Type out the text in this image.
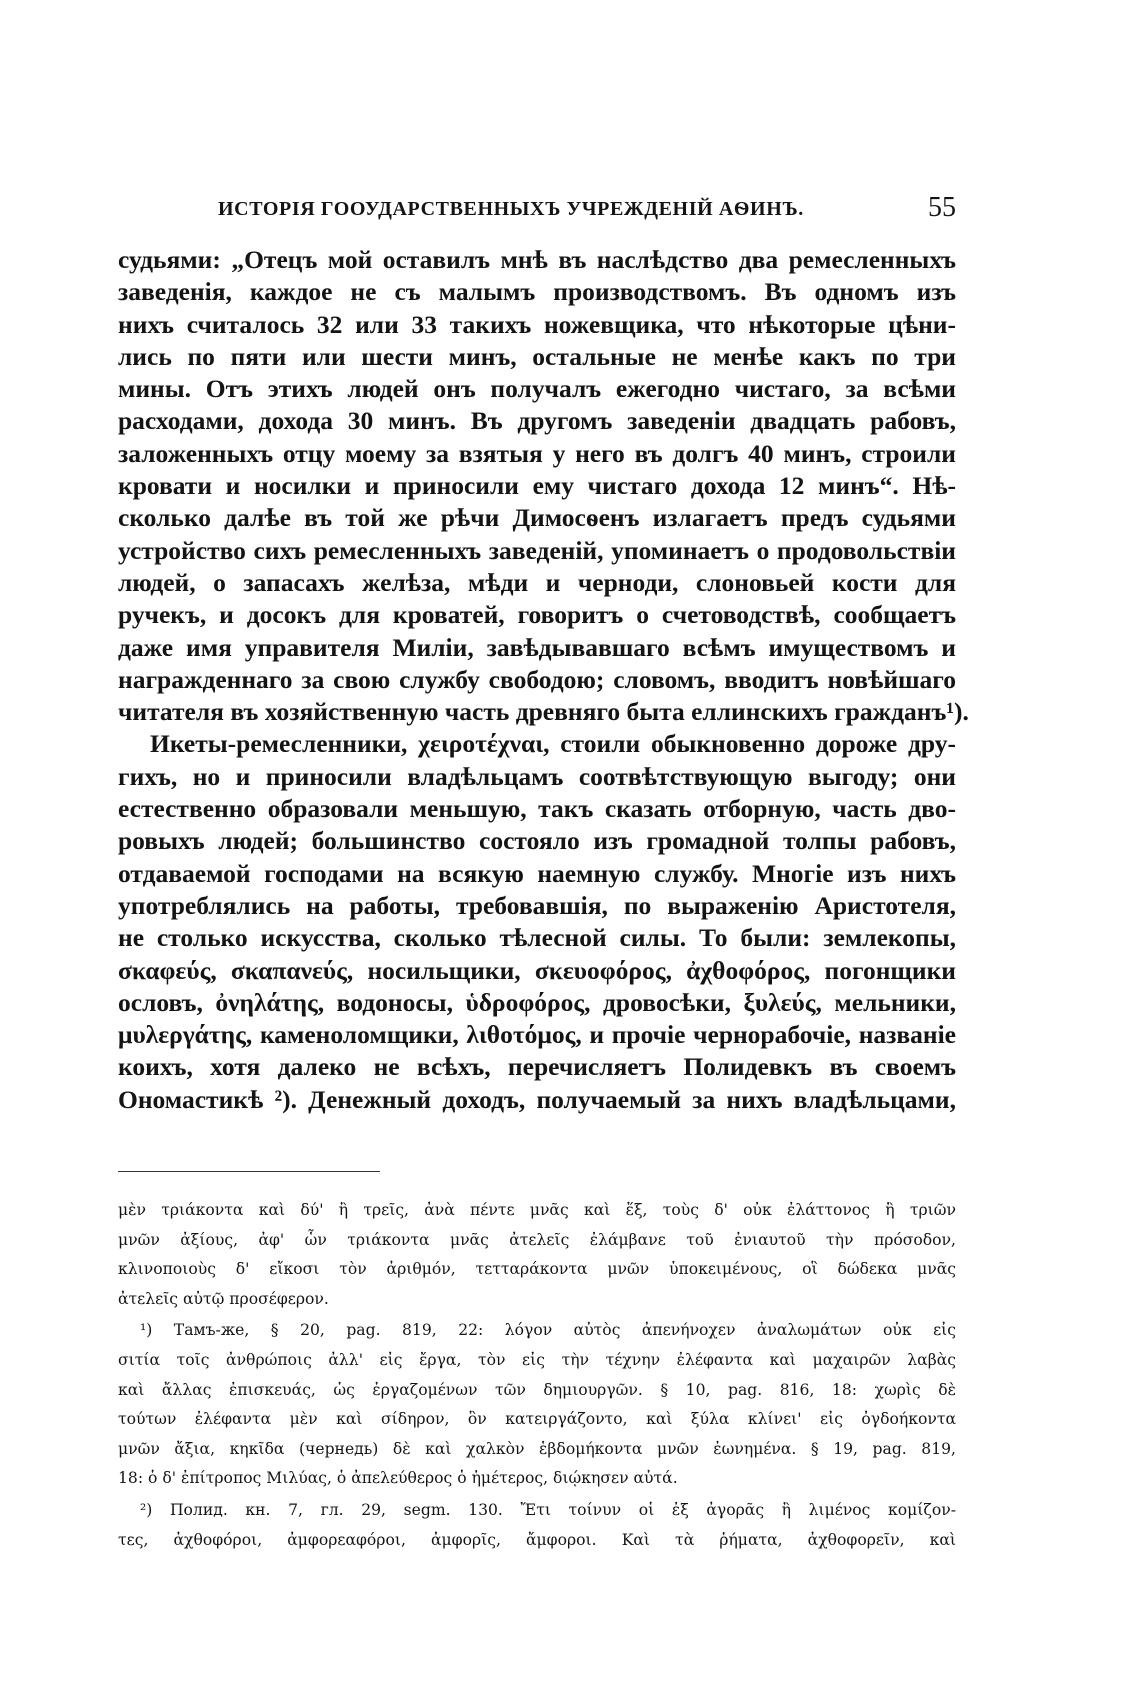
ИСТОРІЯ ГООУДАРСТВЕННЫХЪ УЧРЕЖДЕНІЙ АѲИНЪ.	55
судьями: „Отецъ мой оставилъ мнѣ въ наслѣдство два ремесленныхъ
заведенія, каждое не съ малымъ производствомъ. Въ одномъ изъ
нихъ считалось 32 или 33 такихъ ножевщика, что нѣкоторые цѣни-
лись по пяти или шести минъ, остальные не менѣе какъ по три
мины. Отъ этихъ людей онъ получалъ ежегодно чистаго, за всѣми
расходами, дохода 30 минъ. Въ другомъ заведеніи двадцать рабовъ,
заложенныхъ отцу моему за взятыя у него въ долгъ 40 минъ, строили
кровати и носилки и приносили ему чистаго дохода 12 минъ“. Нѣ-
сколько далѣе въ той же рѣчи Димосѳенъ излагаетъ предъ судьями
устройство сихъ ремесленныхъ заведеній, упоминаетъ о продовольствіи
людей, о запасахъ желѣза, мѣди и черноди, слоновьей кости для
ручекъ, и досокъ для кроватей, говоритъ о счетоводствѣ, сообщаетъ
даже имя управителя Миліи, завѣдывавшаго всѣмъ имуществомъ и
награжденнаго за свою службу свободою; словомъ, вводитъ новѣйшаго
читателя въ хозяйственную часть древняго быта еллинскихъ гражданъ¹).
Икеты-ремесленники, χειροτέχναι, стоили обыкновенно дороже дру-
гихъ, но и приносили владѣльцамъ соотвѣтствующую выгоду; они
естественно образовали меньшую, такъ сказать отборную, часть дво-
ровыхъ людей; большинство состояло изъ громадной толпы рабовъ,
отдаваемой господами на всякую наемную службу. Многіе изъ нихъ
употреблялись на работы, требовавшія, по выраженію Аристотеля,
не столько искусства, сколько тѣлесной силы. То были: землекопы,
σκαφεύς, σκαπανεύς, носильщики, σκευοφόρος, ἀχθοφόρος, погонщики
ословъ, ὀνηλάτης, водоносы, ὑδροφόρος, дровосѣки, ξυλεύς, мельники,
μυλεργάτης, каменоломщики, λιθοτόμος, и прочіе чернорабочіе, названіе
коихъ, хотя далеко не всѣхъ, перечисляетъ Полидевкъ въ своемъ
Ономастикѣ ²). Денежный доходъ, получаемый за нихъ владѣльцами,
μὲν τριάκοντα καὶ δύ' ἢ τρεῖς, ἀνὰ πέντε μνᾶς καὶ ἕξ, τοὺς δ' οὐκ ἐλάττονος ἢ τριῶν
μνῶν ἀξίους, ἀφ' ὧν τριάκοντα μνᾶς ἀτελεῖς ἐλάμβανε τοῦ ἐνιαυτοῦ τὴν πρόσοδον,
κλινοποιοὺς δ' εἴκοσι τὸν ἀριθμόν, τετταράκοντα μνῶν ὑποκειμένους, οἳ δώδεκα μνᾶς
ἀτελεῖς αὐτῷ προσέφερον.
¹) Тамъ-же, § 20, pag. 819, 22: λόγον αὐτὸς ἀπενήνοχεν ἀναλωμάτων οὐκ εἰς
σιτία τοῖς ἀνθρώποις ἀλλ' εἰς ἔργα, τὸν εἰς τὴν τέχνην ἐλέφαντα καὶ μαχαιρῶν λαβὰς
καὶ ἄλλας ἐπισκευάς, ὡς ἐργαζομένων τῶν δημιουργῶν. § 10, pag. 816, 18: χωρὶς δὲ
τούτων ἐλέφαντα μὲν καὶ σίδηρον, ὃν κατειργάζοντο, καὶ ξύλα κλίνει' εἰς ὀγδοήκοντα
μνῶν ἄξια, κηκῖδα (чернедь) δὲ καὶ χαλκὸν ἑβδομήκοντα μνῶν ἐωνημένα. § 19, pag. 819,
18: ὁ δ' ἐπίτροπος Μιλύας, ὁ ἀπελεύθερος ὁ ἡμέτερος, διῴκησεν αὐτά.
²) Полид. кн. 7, гл. 29, segm. 130. Ἔτι τοίνυν οἱ ἐξ ἀγορᾶς ἢ λιμένος κομίζον-
τες, ἀχθοφόροι, ἀμφορεαφόροι, ἀμφορῖς, ἄμφοροι. Καὶ τὰ ῥήματα, ἀχθοφορεῖν, καὶ
